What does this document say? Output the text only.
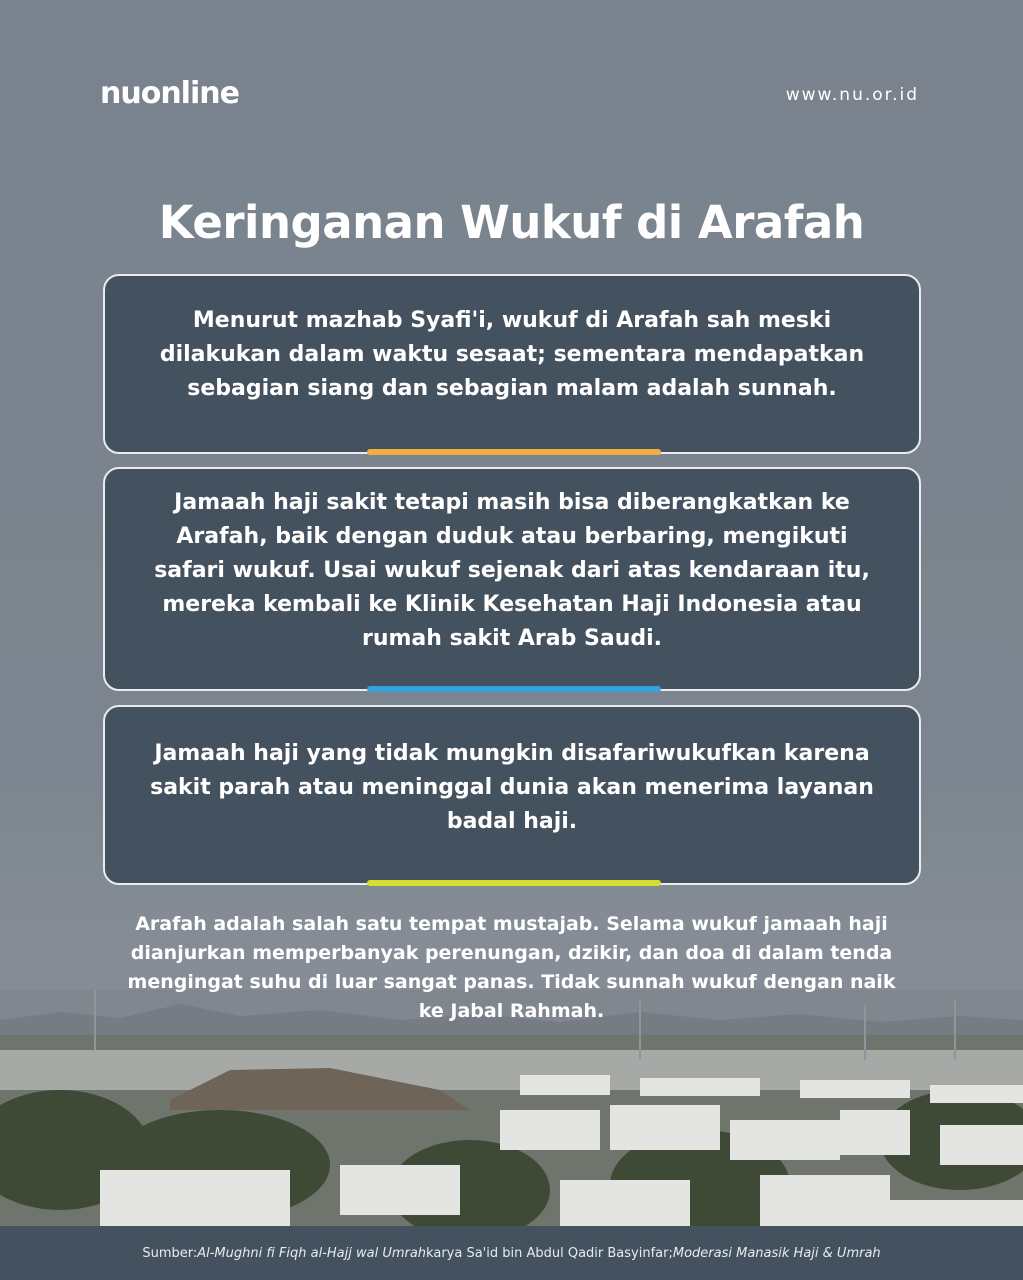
nuonline	www.nu.or.id
Keringanan Wukuf di Arafah

Menurut mazhab Syafi'i, wukuf di Arafah sah meski dilakukan dalam waktu sesaat; sementara mendapatkan sebagian siang dan sebagian malam adalah sunnah.

Jamaah haji sakit tetapi masih bisa diberangkatkan ke Arafah, baik dengan duduk atau berbaring, mengikuti safari wukuf. Usai wukuf sejenak dari atas kendaraan itu, mereka kembali ke Klinik Kesehatan Haji Indonesia atau rumah sakit Arab Saudi.

Jamaah haji yang tidak mungkin disafariwukufkan karena sakit parah atau meninggal dunia akan menerima layanan badal haji.

Arafah adalah salah satu tempat mustajab. Selama wukuf jamaah haji dianjurkan memperbanyak perenungan, dzikir, dan doa di dalam tenda mengingat suhu di luar sangat panas. Tidak sunnah wukuf dengan naik ke Jabal Rahmah.

Sumber: Al-Mughni fi Fiqh al-Hajj wal Umrah karya Sa'id bin Abdul Qadir Basyinfar; Moderasi Manasik Haji & Umrah
